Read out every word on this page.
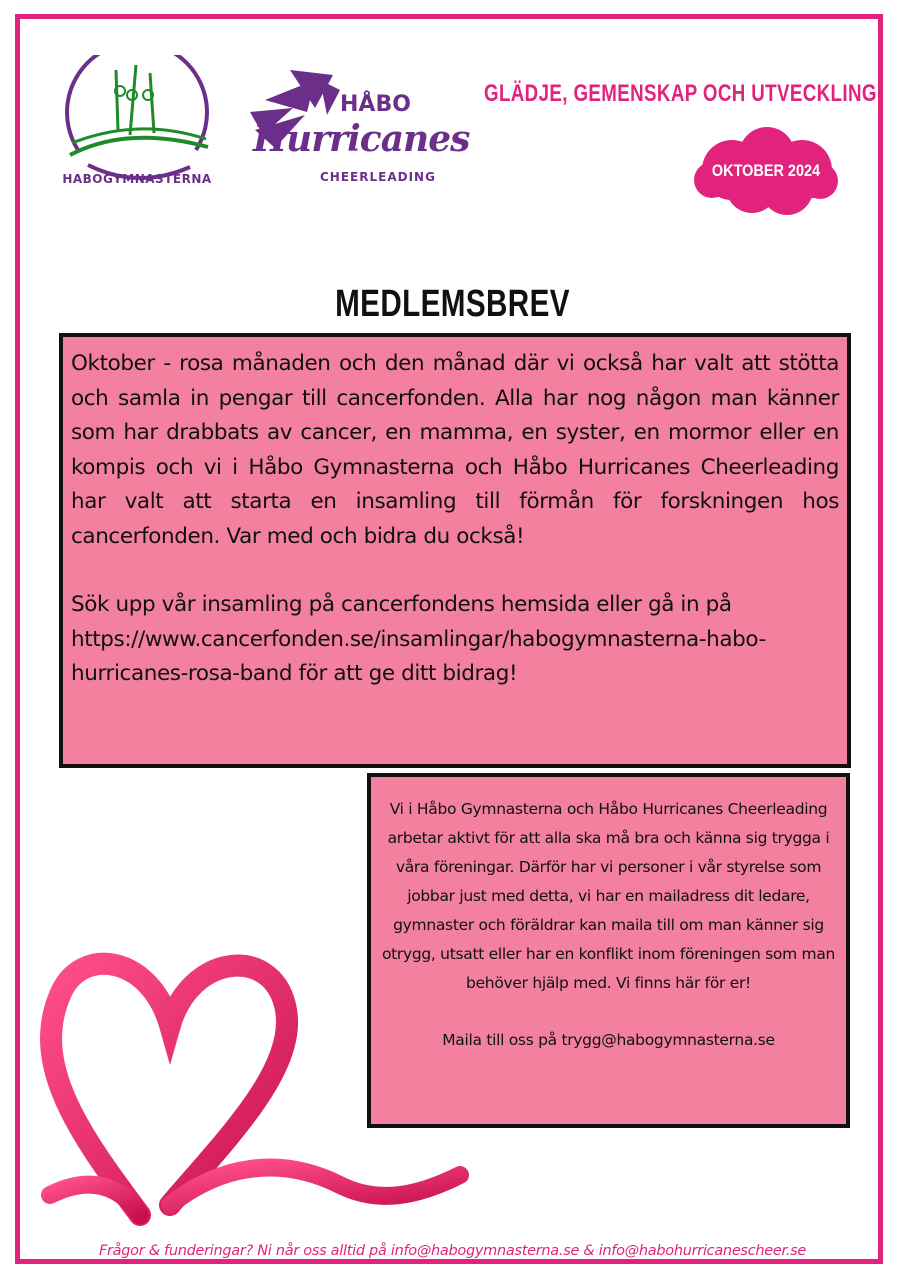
HABOGYMNASTERNA
HÅBO
Hurricanes
CHEERLEADING
GLÄDJE, GEMENSKAP OCH UTVECKLING!
OKTOBER 2024
MEDLEMSBREV

Oktober - rosa månaden och den månad där vi också har valt att stötta och samla in pengar till cancerfonden. Alla har nog någon man känner som har drabbats av cancer, en mamma, en syster, en mormor eller en kompis och vi i Håbo Gymnasterna och Håbo Hurricanes Cheerleading har valt att starta en insamling till förmån för forskningen hos cancerfonden. Var med och bidra du också!

Sök upp vår insamling på cancerfondens hemsida eller gå in på https://www.cancerfonden.se/insamlingar/habogymnasterna-habo-hurricanes-rosa-band för att ge ditt bidrag!

Vi i Håbo Gymnasterna och Håbo Hurricanes Cheerleading arbetar aktivt för att alla ska må bra och känna sig trygga i våra föreningar. Därför har vi personer i vår styrelse som jobbar just med detta, vi har en mailadress dit ledare, gymnaster och föräldrar kan maila till om man känner sig otrygg, utsatt eller har en konflikt inom föreningen som man behöver hjälp med. Vi finns här för er!

Maila till oss på trygg@habogymnasterna.se

Frågor & funderingar? Ni når oss alltid på info@habogymnasterna.se & info@habohurricanescheer.se
